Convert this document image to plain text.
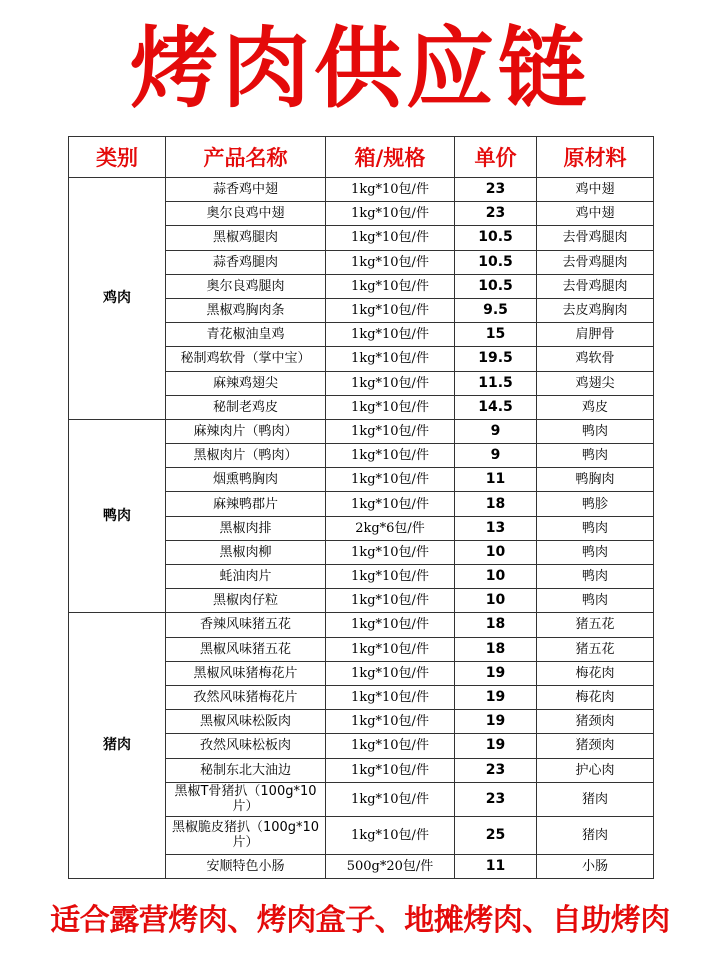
烤肉供应链
类别	产品名称	箱/规格	单价	原材料
鸡肉	蒜香鸡中翅	1kg*10包/件	23	鸡中翅
	奥尔良鸡中翅	1kg*10包/件	23	鸡中翅
	黑椒鸡腿肉	1kg*10包/件	10.5	去骨鸡腿肉
	蒜香鸡腿肉	1kg*10包/件	10.5	去骨鸡腿肉
	奥尔良鸡腿肉	1kg*10包/件	10.5	去骨鸡腿肉
	黑椒鸡胸肉条	1kg*10包/件	9.5	去皮鸡胸肉
	青花椒油皇鸡	1kg*10包/件	15	肩胛骨
	秘制鸡软骨（掌中宝）	1kg*10包/件	19.5	鸡软骨
	麻辣鸡翅尖	1kg*10包/件	11.5	鸡翅尖
	秘制老鸡皮	1kg*10包/件	14.5	鸡皮
鸭肉	麻辣肉片（鸭肉）	1kg*10包/件	9	鸭肉
	黑椒肉片（鸭肉）	1kg*10包/件	9	鸭肉
	烟熏鸭胸肉	1kg*10包/件	11	鸭胸肉
	麻辣鸭郡片	1kg*10包/件	18	鸭胗
	黑椒肉排	2kg*6包/件	13	鸭肉
	黑椒肉柳	1kg*10包/件	10	鸭肉
	蚝油肉片	1kg*10包/件	10	鸭肉
	黑椒肉仔粒	1kg*10包/件	10	鸭肉
猪肉	香辣风味猪五花	1kg*10包/件	18	猪五花
	黑椒风味猪五花	1kg*10包/件	18	猪五花
	黑椒风味猪梅花片	1kg*10包/件	19	梅花肉
	孜然风味猪梅花片	1kg*10包/件	19	梅花肉
	黑椒风味松阪肉	1kg*10包/件	19	猪颈肉
	孜然风味松板肉	1kg*10包/件	19	猪颈肉
	秘制东北大油边	1kg*10包/件	23	护心肉
	黑椒T骨猪扒（100g*10片）	1kg*10包/件	23	猪肉
	黑椒脆皮猪扒（100g*10片）	1kg*10包/件	25	猪肉
	安顺特色小肠	500g*20包/件	11	小肠
适合露营烤肉、烤肉盒子、地摊烤肉、自助烤肉
